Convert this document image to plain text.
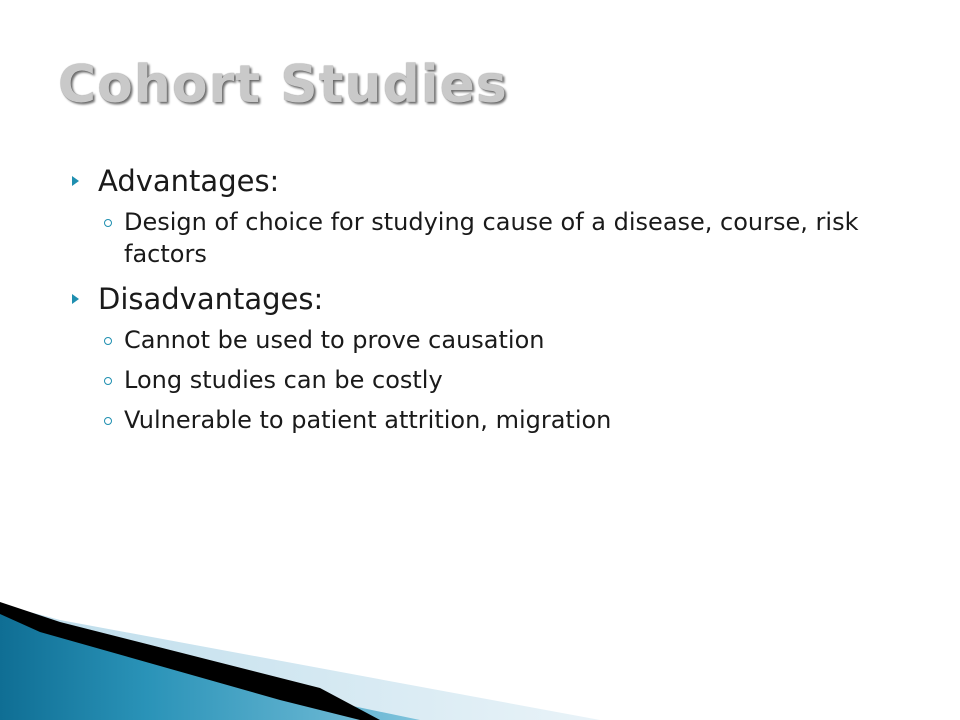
Cohort Studies
Advantages:
Design of choice for studying cause of a disease, course, risk factors
Disadvantages:
Cannot be used to prove causation
Long studies can be costly
Vulnerable to patient attrition, migration
